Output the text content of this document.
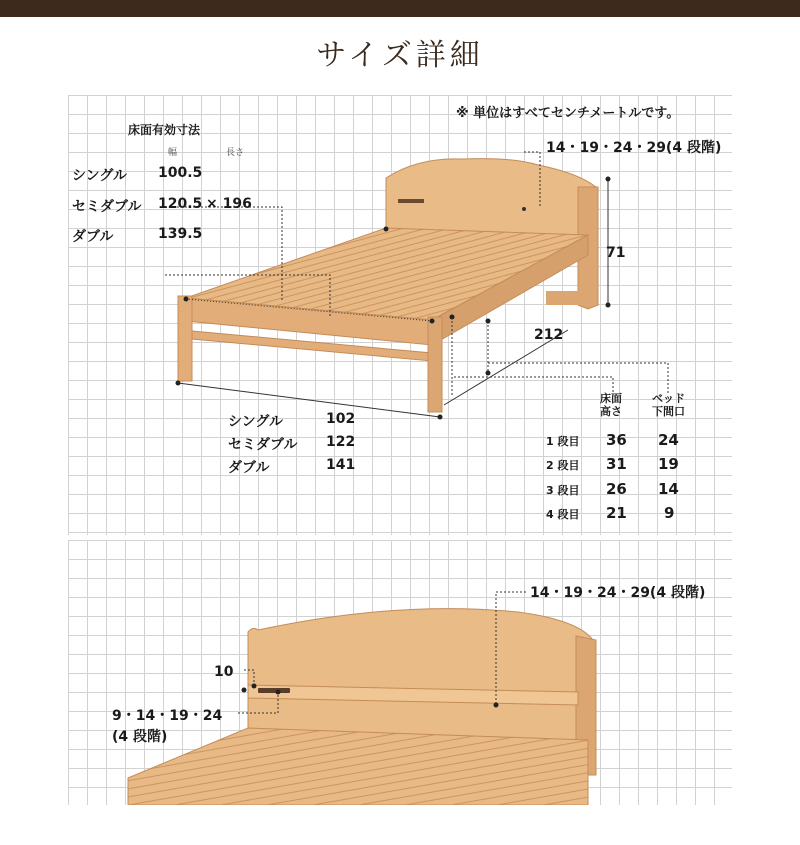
サイズ詳細
※ 単位はすべてセンチメートルです。
床面有効寸法
幅	長さ
シングル 100.5
セミダブル 120.5 × 196
ダブル	139.5
14・19・24・29(4 段階)
71
212
シングル	102
セミダブル 122
ダブル	141
床面
高さ
ベッド
下間口
1 段目 36 24
2 段目 31 19
3 段目 26 14
4 段目 21 9
14・19・24・29(4 段階)
10
9・14・19・24
(4 段階)
